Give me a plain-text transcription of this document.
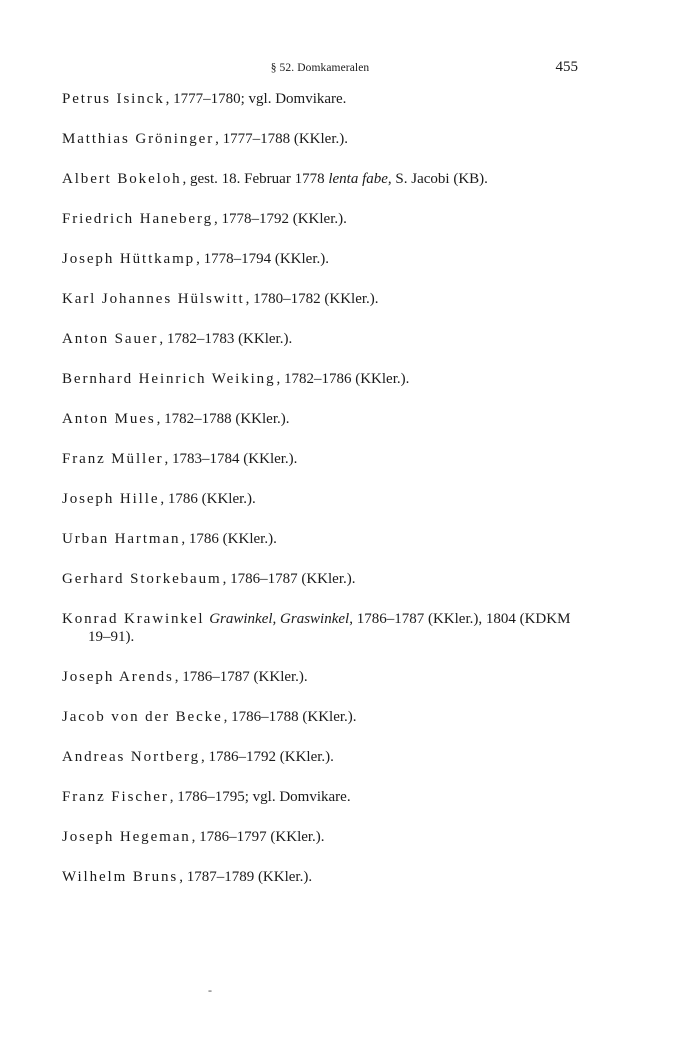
§ 52. Domkameralen	455
Petrus Isinck, 1777–1780; vgl. Domvikare.
Matthias Gröninger, 1777–1788 (KKler.).
Albert Bokeloh, gest. 18. Februar 1778 lenta fabe, S. Jacobi (KB).
Friedrich Haneberg, 1778–1792 (KKler.).
Joseph Hüttkamp, 1778–1794 (KKler.).
Karl Johannes Hülswitt, 1780–1782 (KKler.).
Anton Sauer, 1782–1783 (KKler.).
Bernhard Heinrich Weiking, 1782–1786 (KKler.).
Anton Mues, 1782–1788 (KKler.).
Franz Müller, 1783–1784 (KKler.).
Joseph Hille, 1786 (KKler.).
Urban Hartman, 1786 (KKler.).
Gerhard Storkebaum, 1786–1787 (KKler.).
Konrad Krawinkel Grawinkel, Graswinkel, 1786–1787 (KKler.), 1804 (KDKM 19–91).
Joseph Arends, 1786–1787 (KKler.).
Jacob von der Becke, 1786–1788 (KKler.).
Andreas Nortberg, 1786–1792 (KKler.).
Franz Fischer, 1786–1795; vgl. Domvikare.
Joseph Hegeman, 1786–1797 (KKler.).
Wilhelm Bruns, 1787–1789 (KKler.).
-
